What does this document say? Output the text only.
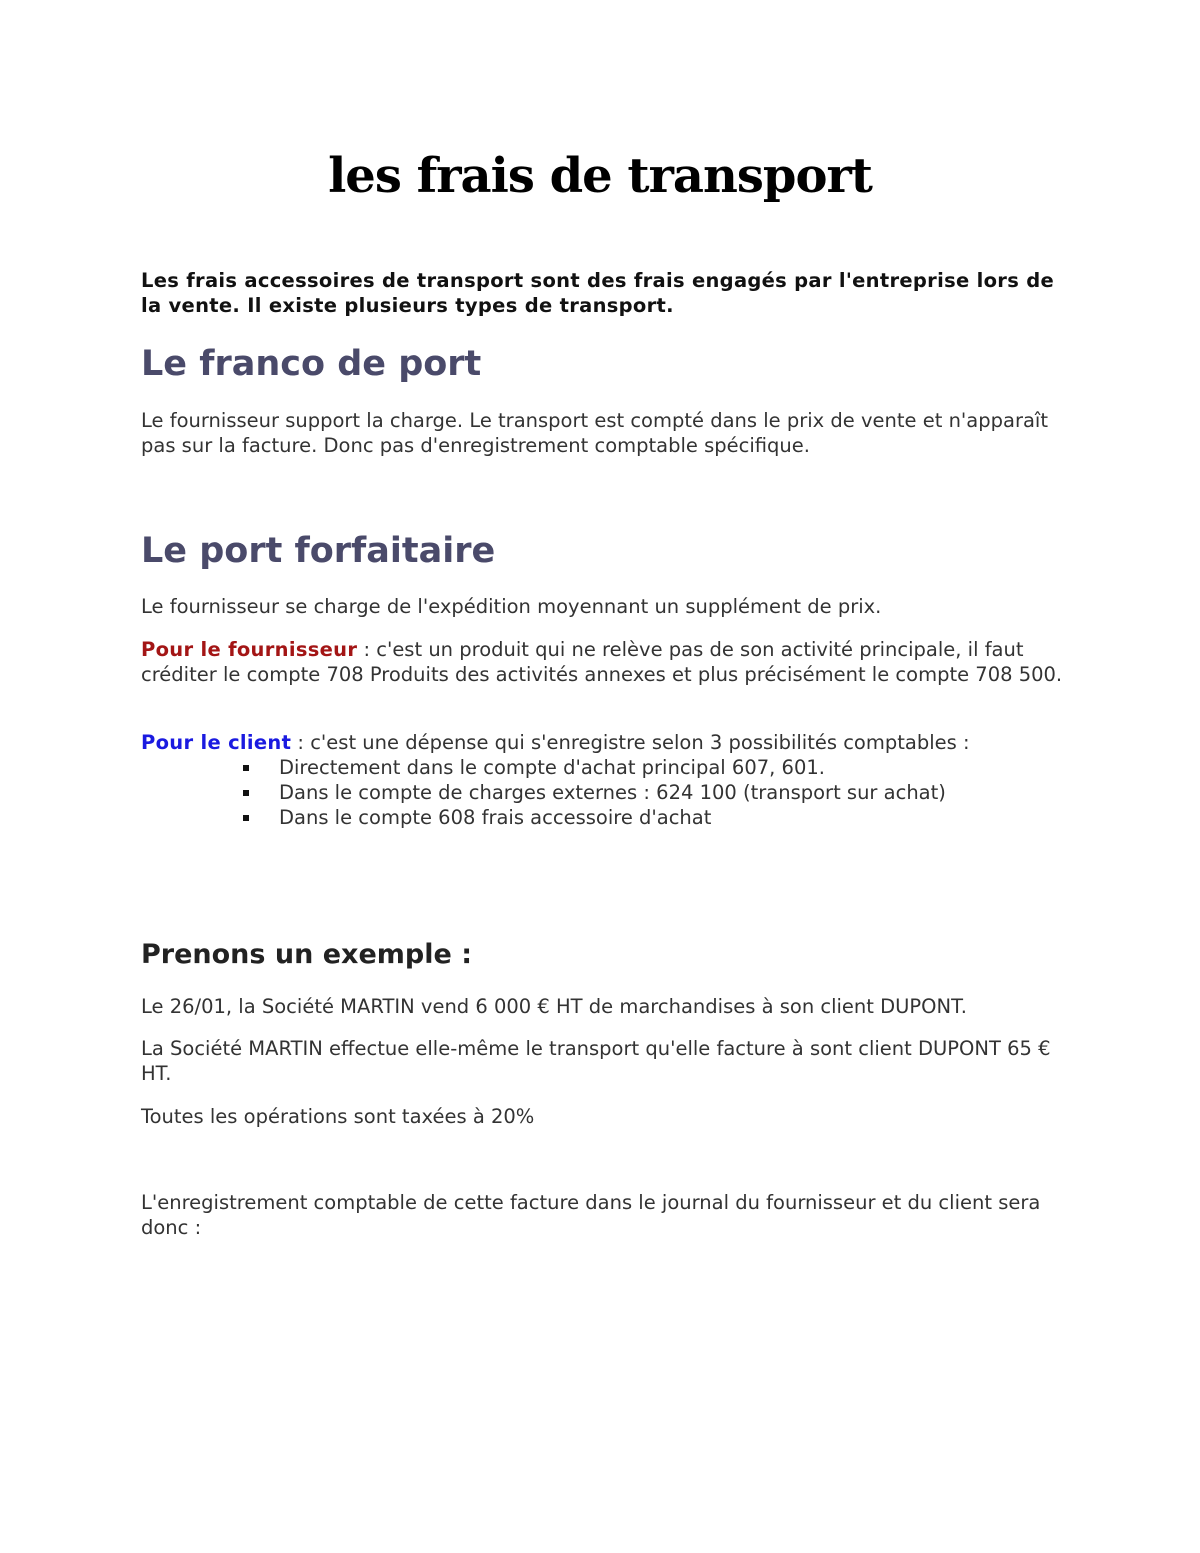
les frais de transport

Les frais accessoires de transport sont des frais engagés par l'entreprise lors de la vente. Il existe plusieurs types de transport.

Le franco de port

Le fournisseur support la charge. Le transport est compté dans le prix de vente et n'apparaît pas sur la facture. Donc pas d'enregistrement comptable spécifique.

Le port forfaitaire

Le fournisseur se charge de l'expédition moyennant un supplément de prix.

Pour le fournisseur : c'est un produit qui ne relève pas de son activité principale, il faut créditer le compte 708 Produits des activités annexes et plus précisément le compte 708 500.

Pour le client : c'est une dépense qui s'enregistre selon 3 possibilités comptables :

Directement dans le compte d'achat principal 607, 601.
Dans le compte de charges externes : 624 100 (transport sur achat)
Dans le compte 608 frais accessoire d'achat
Prenons un exemple :

Le 26/01, la Société MARTIN vend 6 000 € HT de marchandises à son client DUPONT.

La Société MARTIN effectue elle-même le transport qu'elle facture à sont client DUPONT 65 € HT.

Toutes les opérations sont taxées à 20%

L'enregistrement comptable de cette facture dans le journal du fournisseur et du client sera donc :
